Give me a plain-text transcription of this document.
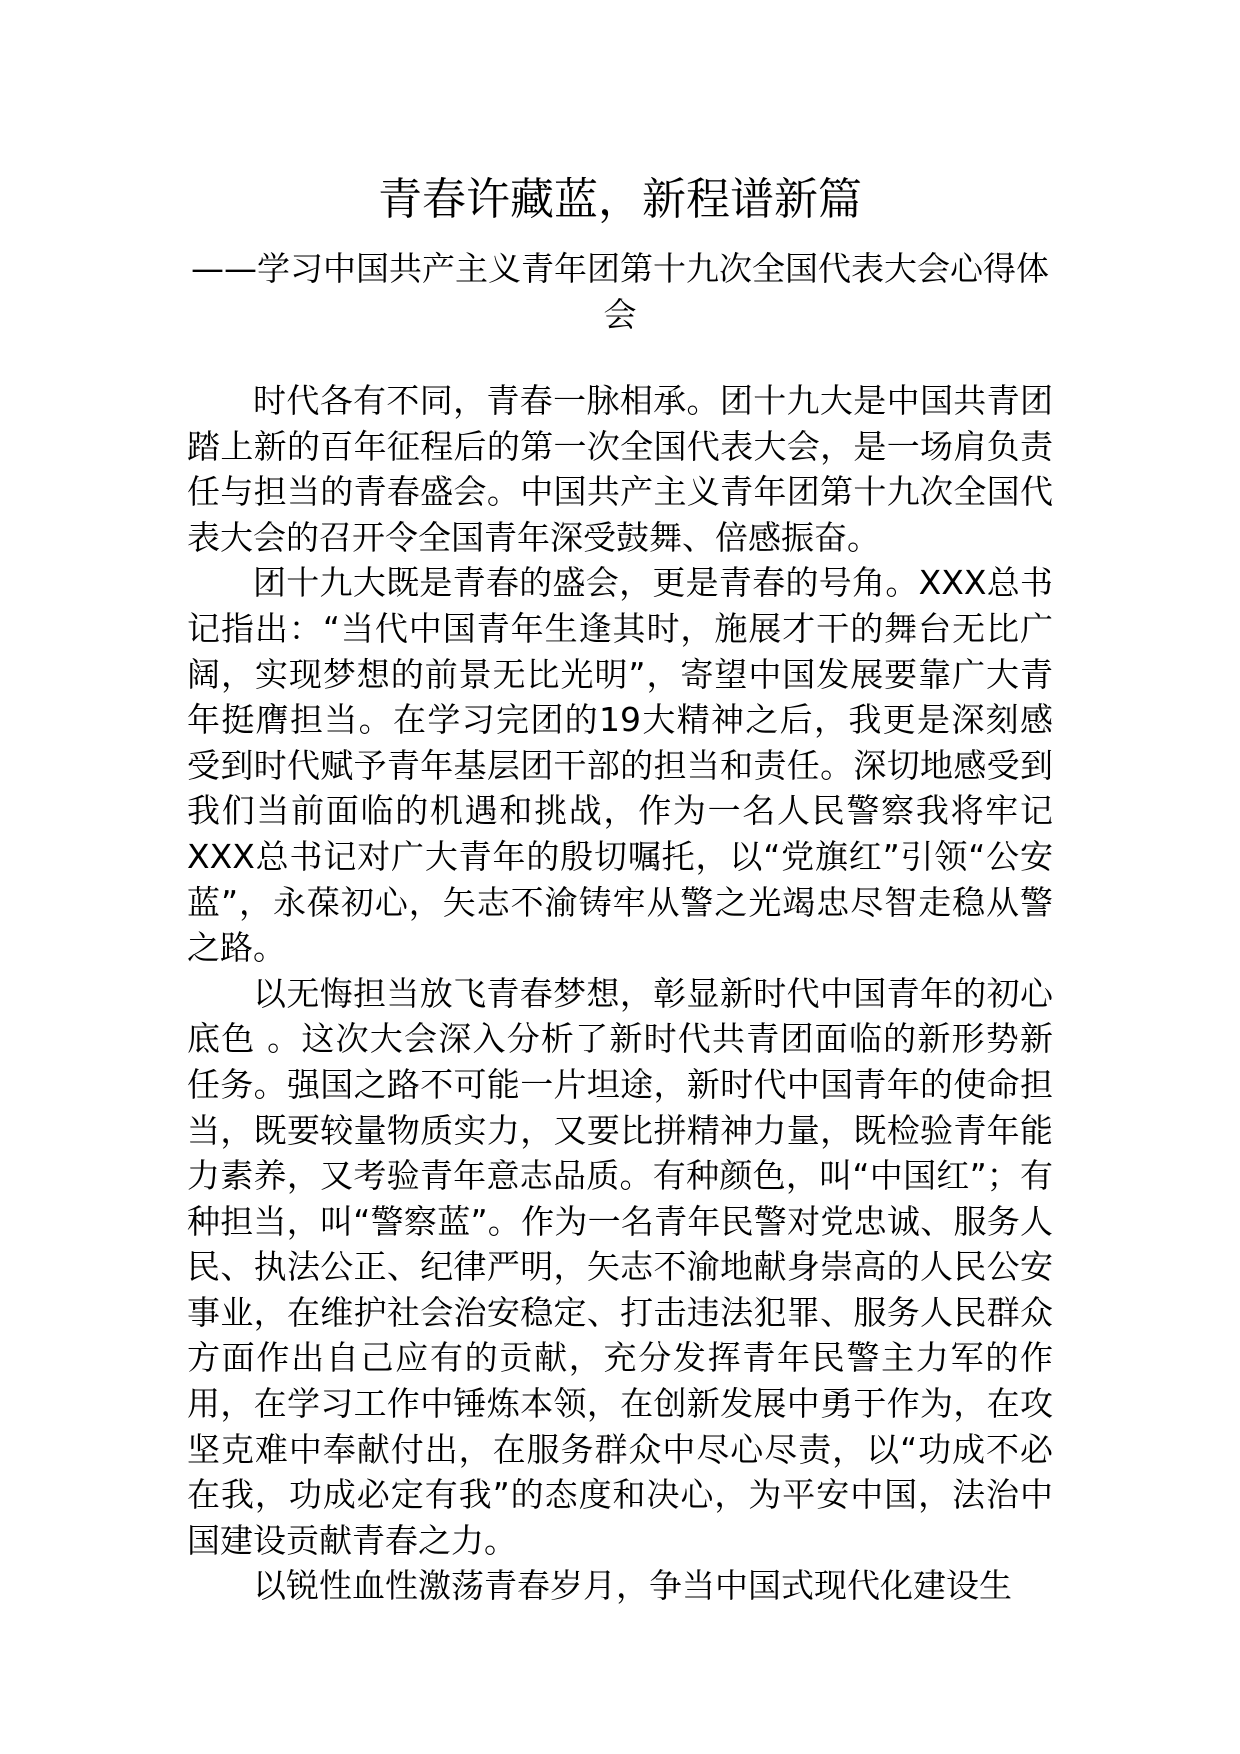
青春许藏蓝，新程谱新篇
——学习中国共产主义青年团第十九次全国代表大会心得体会

时代各有不同，青春一脉相承。团十九大是中国共青团踏上新的百年征程后的第一次全国代表大会，是一场肩负责任与担当的青春盛会。中国共产主义青年团第十九次全国代表大会的召开令全国青年深受鼓舞、倍感振奋。

团十九大既是青春的盛会，更是青春的号角。XXX总书记指出：“当代中国青年生逢其时，施展才干的舞台无比广阔，实现梦想的前景无比光明”，寄望中国发展要靠广大青年挺膺担当。在学习完团的19大精神之后，我更是深刻感受到时代赋予青年基层团干部的担当和责任。深切地感受到我们当前面临的机遇和挑战，作为一名人民警察我将牢记XXX总书记对广大青年的殷切嘱托，以“党旗红”引领“公安蓝”，永葆初心，矢志不渝铸牢从警之光竭忠尽智走稳从警之路。

以无悔担当放飞青春梦想，彰显新时代中国青年的初心底色 。这次大会深入分析了新时代共青团面临的新形势新任务。强国之路不可能一片坦途，新时代中国青年的使命担当，既要较量物质实力，又要比拼精神力量，既检验青年能力素养，又考验青年意志品质。有种颜色，叫“中国红”；有种担当，叫“警察蓝”。作为一名青年民警对党忠诚、服务人民、执法公正、纪律严明，矢志不渝地献身崇高的人民公安事业，在维护社会治安稳定、打击违法犯罪、服务人民群众方面作出自己应有的贡献，充分发挥青年民警主力军的作用，在学习工作中锤炼本领，在创新发展中勇于作为，在攻坚克难中奉献付出，在服务群众中尽心尽责，以“功成不必在我，功成必定有我”的态度和决心，为平安中国，法治中国建设贡献青春之力。

以锐性血性激荡青春岁月，争当中国式现代化建设生
